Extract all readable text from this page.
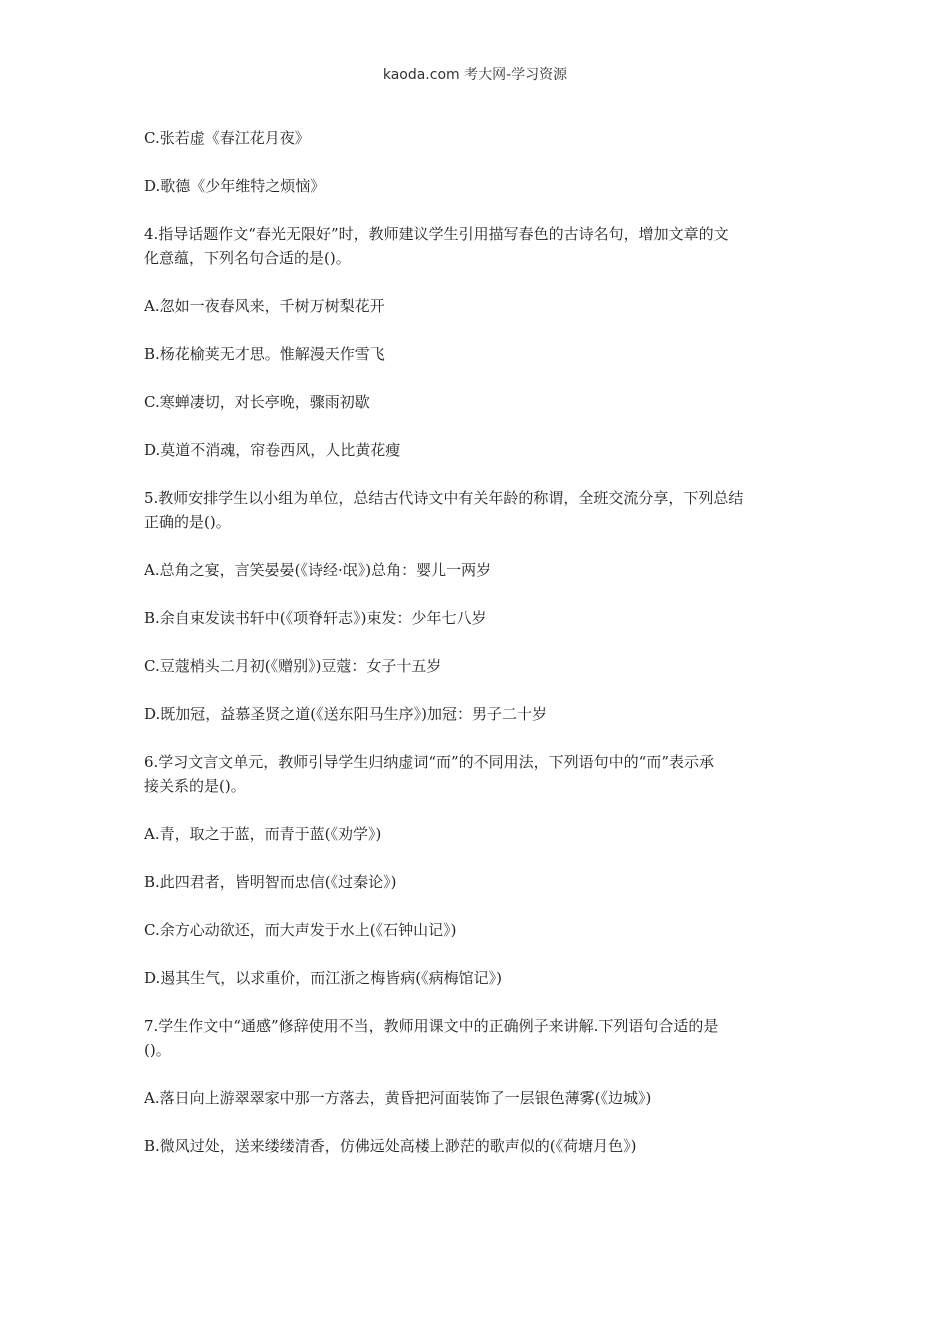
kaoda.com 考大网-学习资源
C.张若虚《春江花月夜》
D.歌德《少年维特之烦恼》
4.指导话题作文“春光无限好”时，教师建议学生引用描写春色的古诗名句，增加文章的文
化意蕴，下列名句合适的是()。
A.忽如一夜春风来，千树万树梨花开
B.杨花榆荚无才思。惟解漫天作雪飞
C.寒蝉凄切，对长亭晚，骤雨初歇
D.莫道不消魂，帘卷西风，人比黄花瘦
5.教师安排学生以小组为单位，总结古代诗文中有关年龄的称谓，全班交流分享，下列总结
正确的是()。
A.总角之宴，言笑晏晏(《诗经·氓》)总角：婴儿一两岁
B.余自束发读书轩中(《项脊轩志》)束发：少年七八岁
C.豆蔻梢头二月初(《赠别》)豆蔻：女子十五岁
D.既加冠，益慕圣贤之道(《送东阳马生序》)加冠：男子二十岁
6.学习文言文单元，教师引导学生归纳虚词“而”的不同用法，下列语句中的“而”表示承
接关系的是()。
A.青，取之于蓝，而青于蓝(《劝学》)
B.此四君者，皆明智而忠信(《过秦论》)
C.余方心动欲还，而大声发于水上(《石钟山记》)
D.遏其生气，以求重价，而江浙之梅皆病(《病梅馆记》)
7.学生作文中“通感”修辞使用不当，教师用课文中的正确例子来讲解.下列语句合适的是
()。
A.落日向上游翠翠家中那一方落去，黄昏把河面装饰了一层银色薄雾(《边城》)
B.微风过处，送来缕缕清香，仿佛远处高楼上渺茫的歌声似的(《荷塘月色》)
